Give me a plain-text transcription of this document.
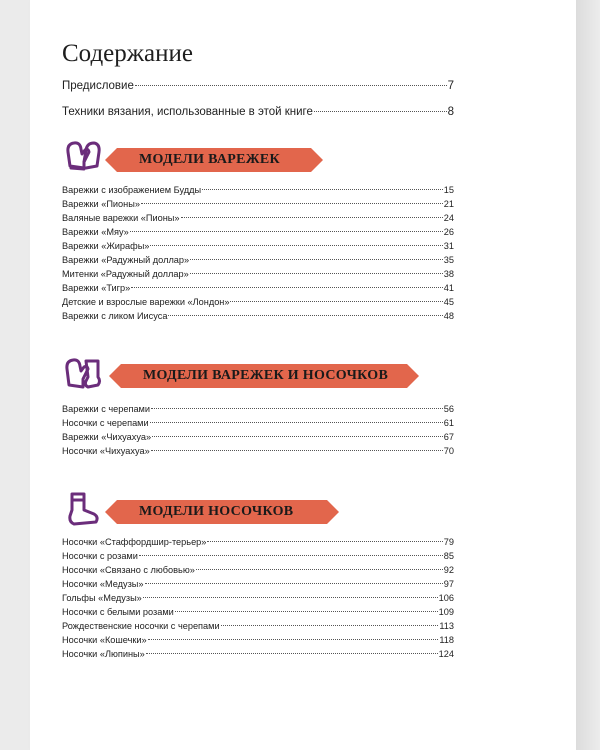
Содержание
Предисловие	7
Техники вязания, использованные в этой книге	8
МОДЕЛИ ВАРЕЖЕК
Варежки с изображением Будды	15
Варежки «Пионы»	21
Валяные варежки «Пионы»	24
Варежки «Мяу»	26
Варежки «Жирафы»	31
Варежки «Радужный доллар»	35
Митенки «Радужный доллар»	38
Варежки «Тигр»	41
Детские и взрослые варежки «Лондон»	45
Варежки с ликом Иисуса	48
МОДЕЛИ ВАРЕЖЕК И НОСОЧКОВ
Варежки с черепами	56
Носочки с черепами	61
Варежки «Чихуахуа»	67
Носочки «Чихуахуа»	70
МОДЕЛИ НОСОЧКОВ
Носочки «Стаффордшир-терьер»	79
Носочки с розами	85
Носочки «Связано с любовью»	92
Носочки «Медузы»	97
Гольфы «Медузы»	106
Носочки с белыми розами	109
Рождественские носочки с черепами	113
Носочки «Кошечки»	118
Носочки «Люпины»	124
